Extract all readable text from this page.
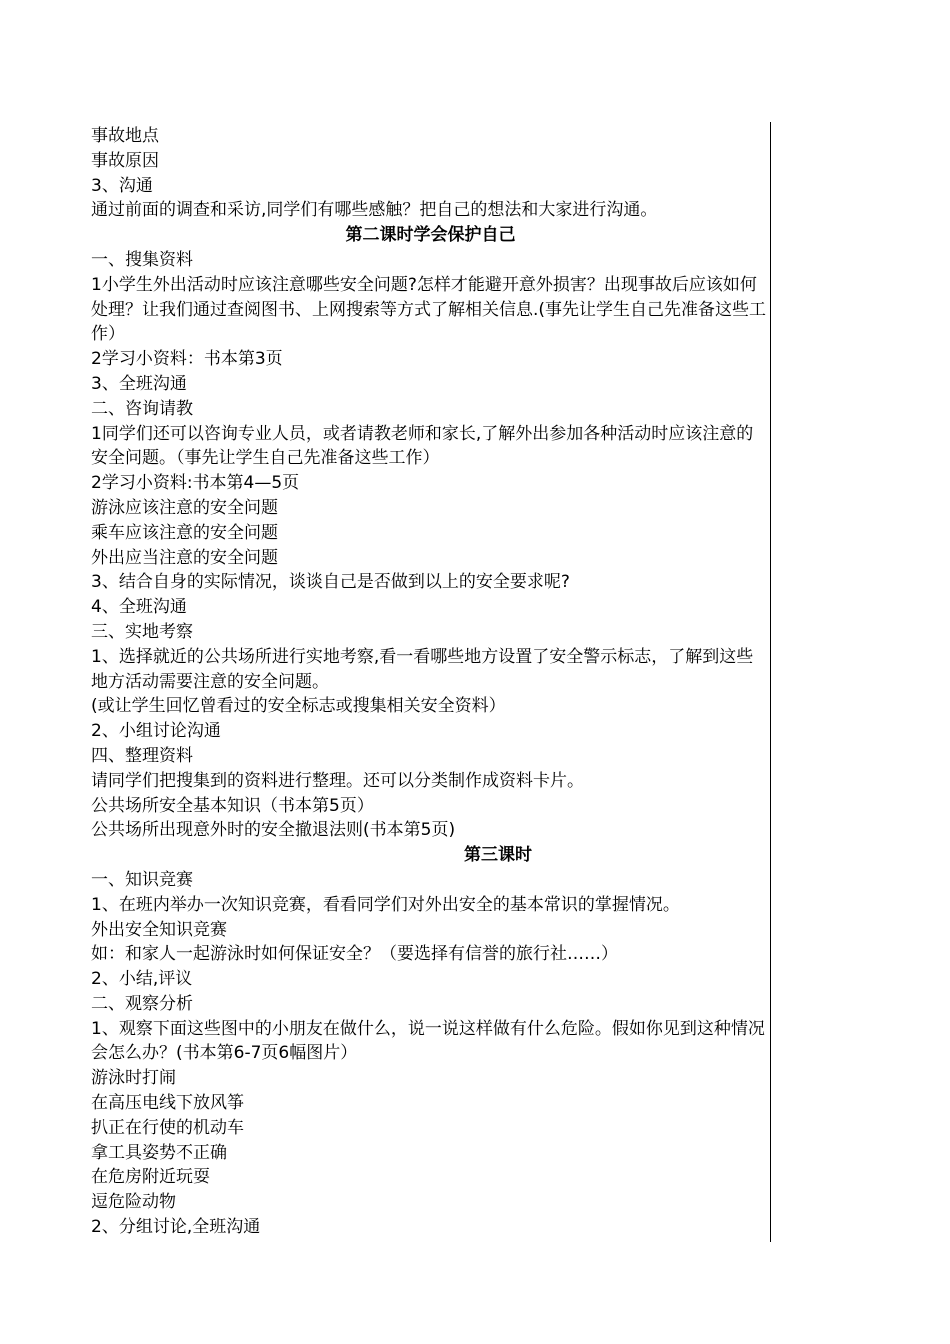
事故地点
事故原因
3、沟通
通过前面的调查和采访,同学们有哪些感触？把自己的想法和大家进行沟通。
第二课时学会保护自己
一、搜集资料
1小学生外出活动时应该注意哪些安全问题?怎样才能避开意外损害？出现事故后应该如何处理？让我们通过查阅图书、上网搜索等方式了解相关信息.(事先让学生自己先准备这些工作）
2学习小资料：书本第3页
3、全班沟通
二、咨询请教
1同学们还可以咨询专业人员，或者请教老师和家长,了解外出参加各种活动时应该注意的安全问题。（事先让学生自己先准备这些工作）
2学习小资料:书本第4—5页
游泳应该注意的安全问题
乘车应该注意的安全问题
外出应当注意的安全问题
3、结合自身的实际情况，谈谈自己是否做到以上的安全要求呢?
4、全班沟通
三、实地考察
1、选择就近的公共场所进行实地考察,看一看哪些地方设置了安全警示标志，了解到这些地方活动需要注意的安全问题。
(或让学生回忆曾看过的安全标志或搜集相关安全资料）
2、小组讨论沟通
四、整理资料
请同学们把搜集到的资料进行整理。还可以分类制作成资料卡片。
公共场所安全基本知识（书本第5页）
公共场所出现意外时的安全撤退法则(书本第5页)
第三课时
一、知识竞赛
1、在班内举办一次知识竞赛，看看同学们对外出安全的基本常识的掌握情况。
外出安全知识竞赛
如：和家人一起游泳时如何保证安全？（要选择有信誉的旅行社……）
2、小结,评议
二、观察分析
1、观察下面这些图中的小朋友在做什么，说一说这样做有什么危险。假如你见到这种情况会怎么办？(书本第6-7页6幅图片）
游泳时打闹
在高压电线下放风筝
扒正在行使的机动车
拿工具姿势不正确
在危房附近玩耍
逗危险动物
2、分组讨论,全班沟通
